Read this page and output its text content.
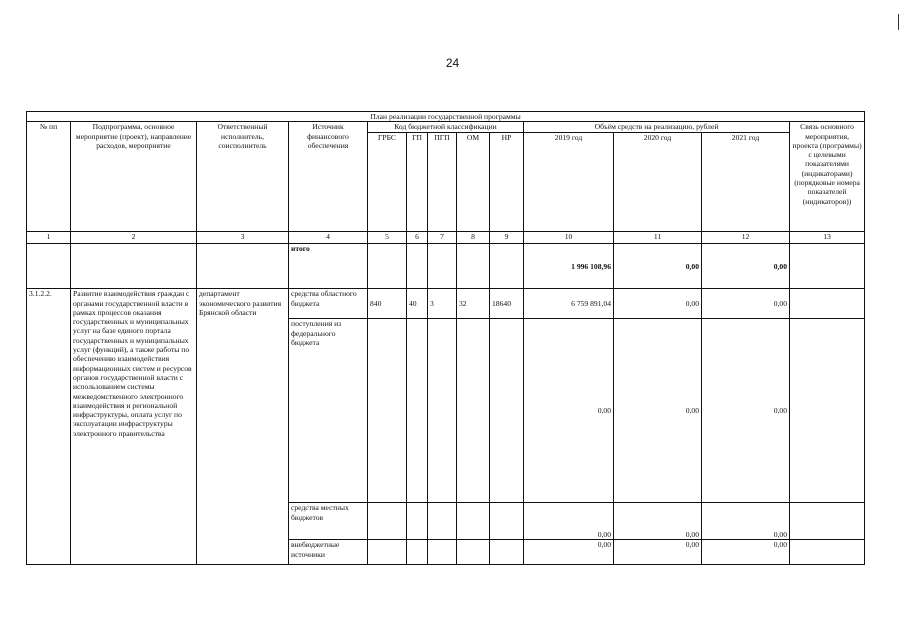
24
План реализации государственной программы												
№ пп	Подпрограмма, основное мероприятие (проект), направление расходов, мероприятие	Ответственный исполнитель, соисполнитель	Источник финансового обеспечения	Код бюджетной классификации					Объём средств на реализацию, рублей			Связь основного мероприятия, проекта (программы) с целевыми показателями (индикаторами) (порядковые номера показателей (индикаторов))
				ГРБС	ГП	ПГП	ОМ	НР	2019 год	2020 год	2021 год	
1	2	3	4	5	6	7	8	9	10	11	12	13
			итого						1 996 108,96	0,00	0,00	
3.1.2.2.	Развитие взаимодействия граждан с органами государственной власти в рамках процессов оказания государственных и муниципальных услуг на базе единого портала государственных и муниципальных услуг (функций), а также работы по обеспечению взаимодействия информационных систем и ресурсов органов государственной власти с использованием системы межведомственного электронного взаимодействия и региональной инфраструктуры, оплата услуг по эксплуатации инфраструктуры электронного правительства	департамент экономического развития Брянской области	средства областного бюджета	840	40	3	32	18640	6 759 891,04	0,00	0,00	
			поступления из федерального бюджета						0,00	0,00	0,00	
			средства местных бюджетов						0,00	0,00	0,00	
			внебюджетные источники						0,00	0,00	0,00	
